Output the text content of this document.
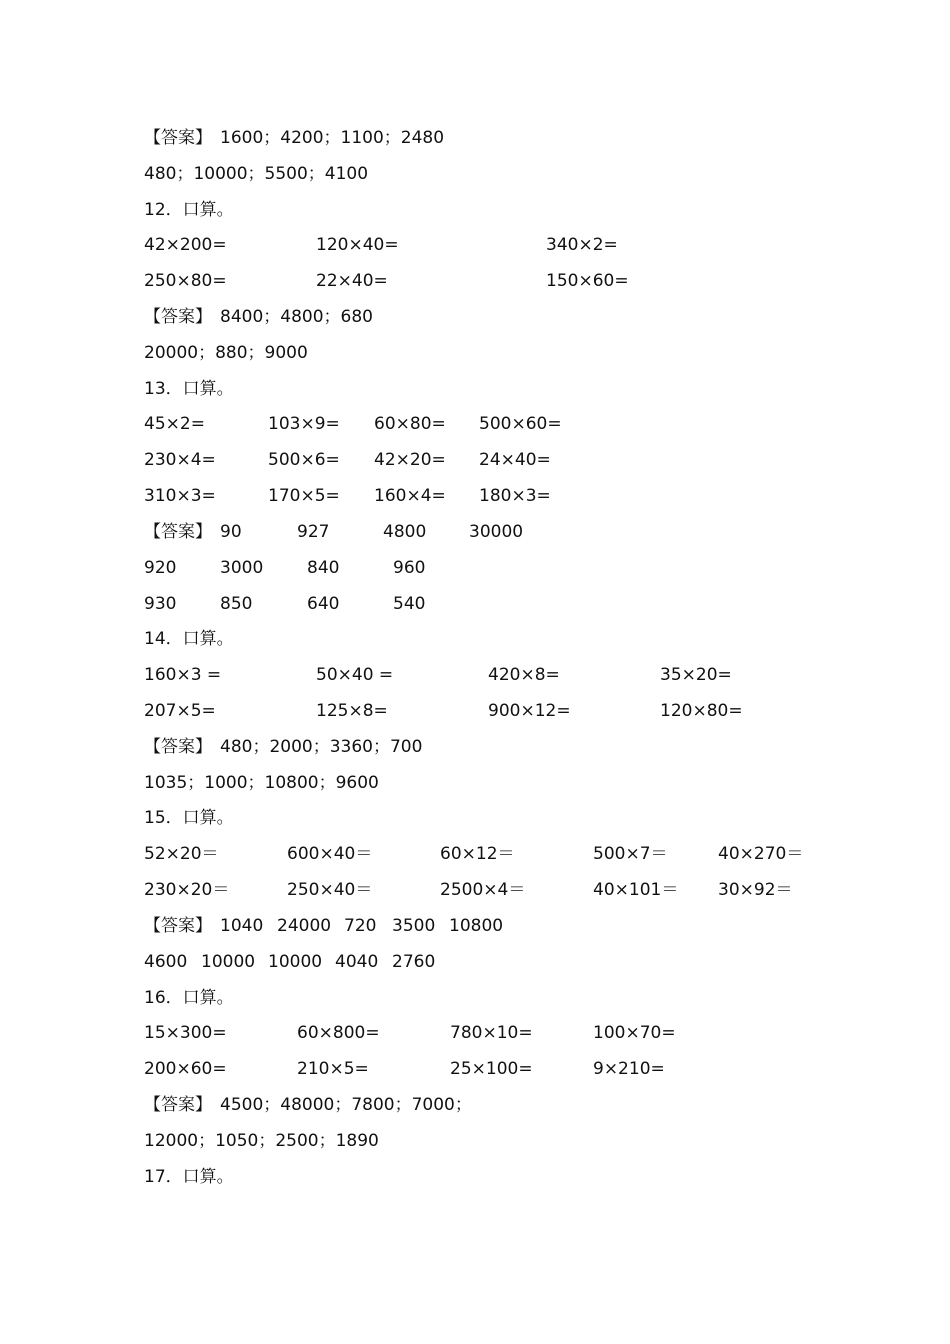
【答案】 1600；4200；1100；2480
480；10000；5500；4100
12．口算。
42×200=	120×40=	340×2=
250×80=	22×40=	150×60=
【答案】 8400；4800；680
20000；880；9000
13．口算。
45×2=	103×9= 60×80= 500×60=
230×4=	500×6= 42×20= 24×40=
310×3=	170×5= 160×4= 180×3=
【答案】 90	927	4800	30000
920	3000	840	960
930	850	640	540
14．口算。
160×3 =	50×40 =	420×8=	35×20=
207×5=	125×8=	900×12=	120×80=
【答案】 480；2000；3360；700
1035；1000；10800；9600
15．口算。
52×20＝	600×40＝	60×12＝	500×7＝	40×270＝
230×20＝	250×40＝	2500×4＝	40×101＝ 30×92＝
【答案】 1040 24000 720 3500 10800
4600 10000 10000 4040 2760
16．口算。
15×300=	60×800=	780×10=	100×70=
200×60=	210×5=	25×100=	9×210=
【答案】 4500；48000；7800；7000；
12000；1050；2500；1890
17．口算。
